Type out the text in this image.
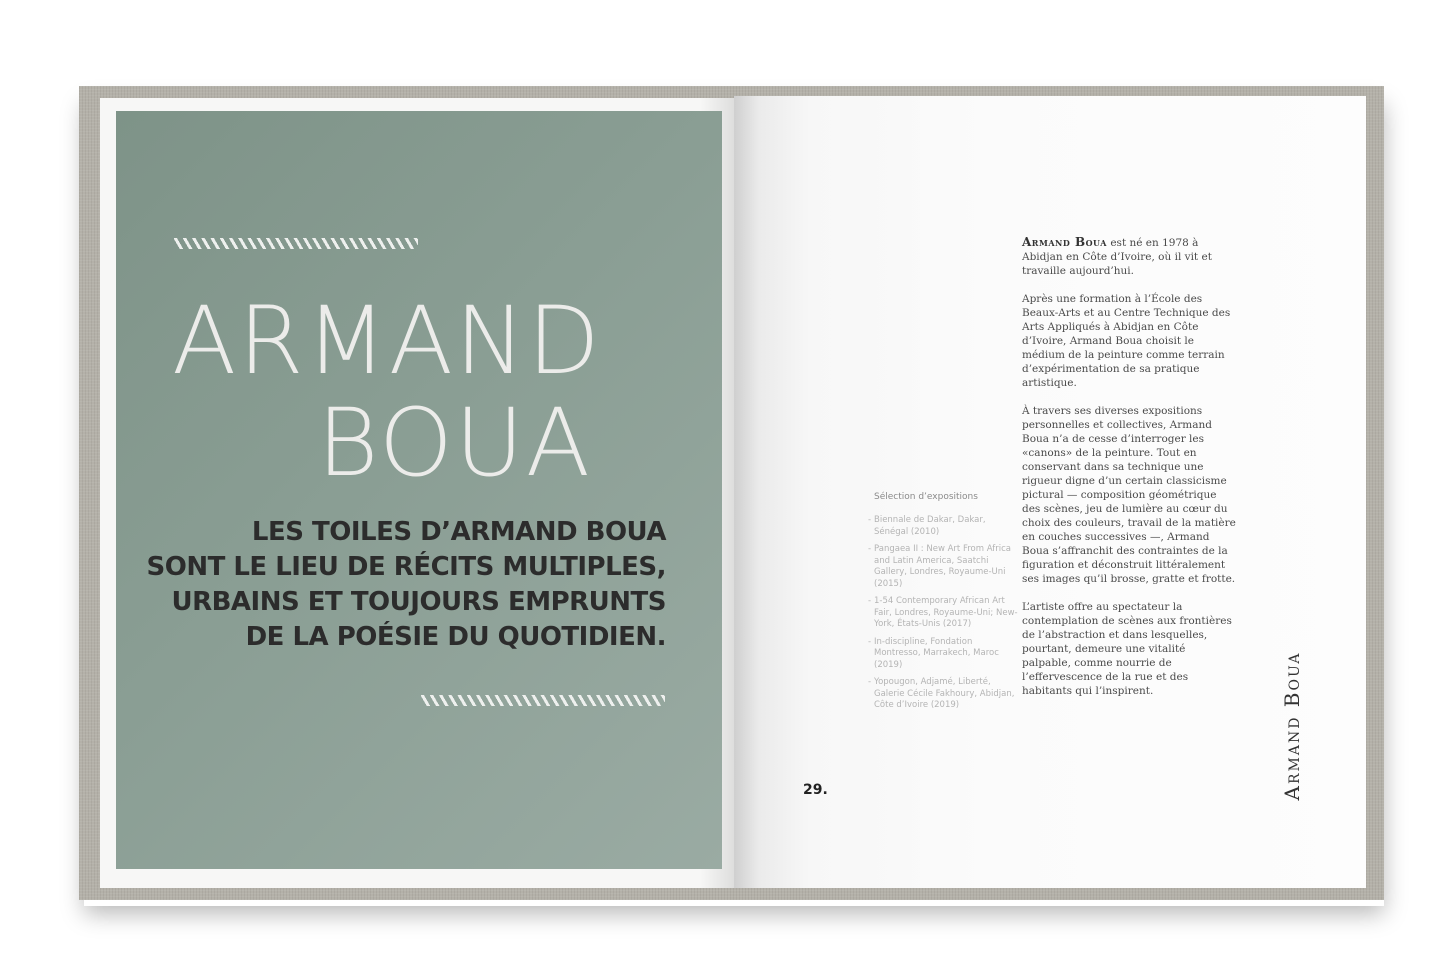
ARMAND
BOUA
LES TOILES D’ARMAND BOUA
SONT LE LIEU DE RÉCITS MULTIPLES,
URBAINS ET TOUJOURS EMPRUNTS
DE LA POÉSIE DU QUOTIDIEN.
Sélection d’expositions
- Biennale de Dakar, Dakar, Sénégal (2010)
- Pangaea II : New Art From Africa and Latin America, Saatchi Gallery, Londres, Royaume-Uni (2015)
- 1-54 Contemporary African Art Fair, Londres, Royaume-Uni; New-York, États-Unis (2017)
- In-discipline, Fondation Montresso, Marrakech, Maroc (2019)
- Yopougon, Adjamé, Liberté, Galerie Cécile Fakhoury, Abidjan, Côte d’Ivoire (2019)

Armand Boua est né en 1978 à Abidjan en Côte d’Ivoire, où il vit et travaille aujourd’hui.

Après une formation à l’École des Beaux-Arts et au Centre Technique des Arts Appliqués à Abidjan en Côte d’Ivoire, Armand Boua choisit le médium de la peinture comme terrain d’expérimentation de sa pratique artistique.

À travers ses diverses expositions personnelles et collectives, Armand Boua n’a de cesse d’interroger les «canons» de la peinture. Tout en conservant dans sa technique une rigueur digne d’un certain classicisme pictural — composition géométrique des scènes, jeu de lumière au cœur du choix des couleurs, travail de la matière en couches successives —, Armand Boua s’affranchit des contraintes de la figuration et déconstruit littéralement ses images qu’il brosse, gratte et frotte.

L’artiste offre au spectateur la contemplation de scènes aux frontières de l’abstraction et dans lesquelles, pourtant, demeure une vitalité palpable, comme nourrie de l’effervescence de la rue et des habitants qui l’inspirent.

29.	Armand Boua
